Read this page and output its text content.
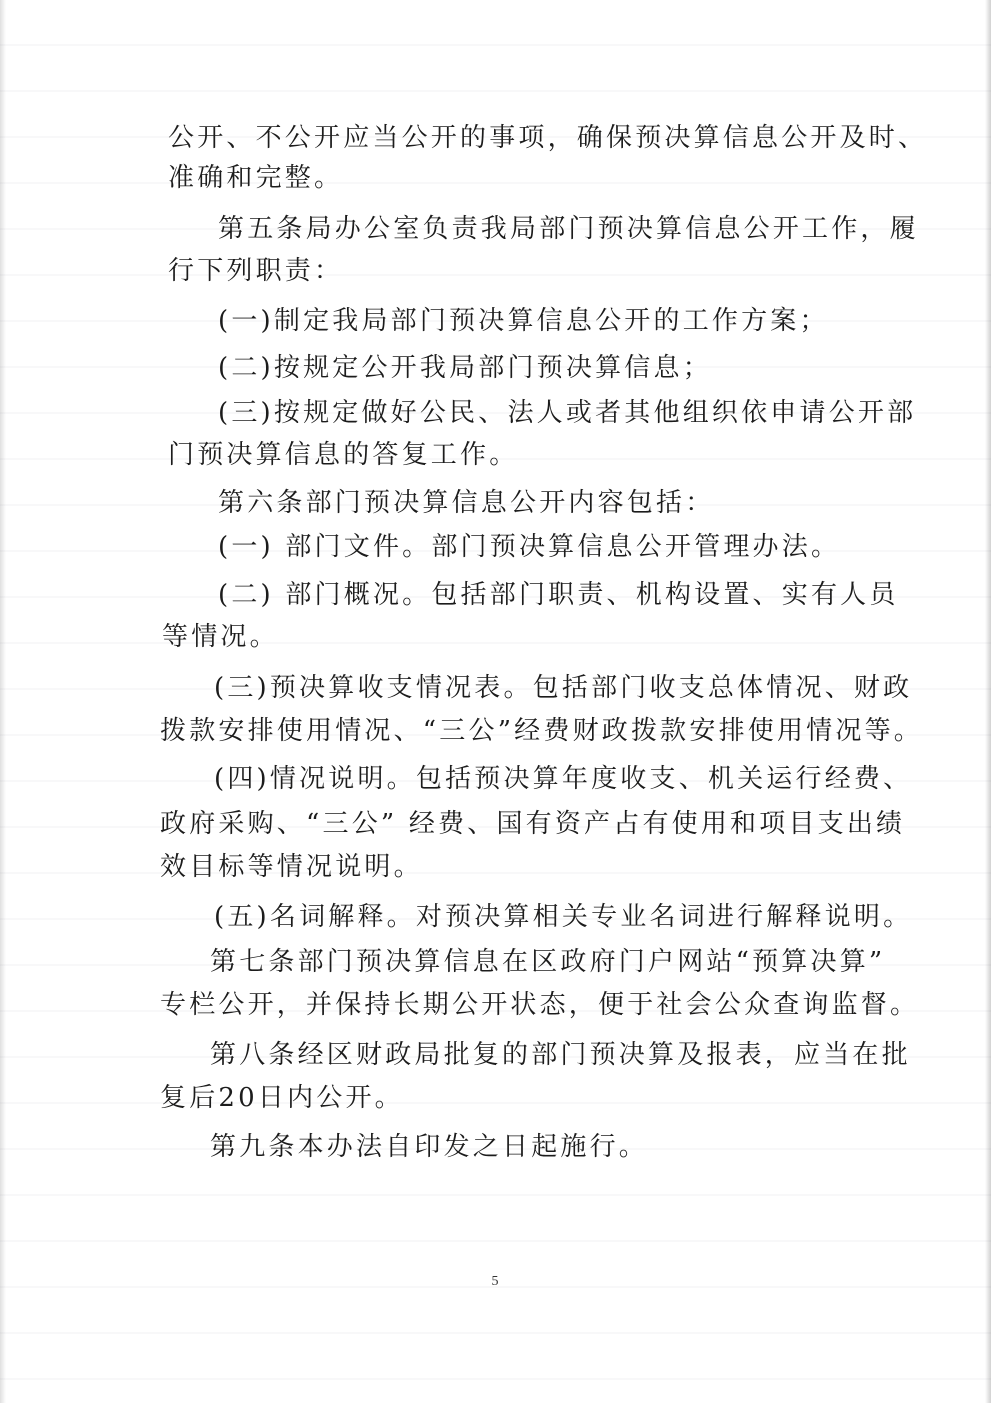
公开、不公开应当公开的事项，确保预决算信息公开及时、
准确和完整。
第五条局办公室负责我局部门预决算信息公开工作，履
行下列职责：
(一)制定我局部门预决算信息公开的工作方案；
(二)按规定公开我局部门预决算信息；
(三)按规定做好公民、法人或者其他组织依申请公开部
门预决算信息的答复工作。
第六条部门预决算信息公开内容包括：
(一) 部门文件。部门预决算信息公开管理办法。
(二) 部门概况。包括部门职责、机构设置、实有人员
等情况。
(三)预决算收支情况表。包括部门收支总体情况、财政
拨款安排使用情况、“三公”经费财政拨款安排使用情况等。
(四)情况说明。包括预决算年度收支、机关运行经费、
政府采购、“三公” 经费、国有资产占有使用和项目支出绩
效目标等情况说明。
(五)名词解释。对预决算相关专业名词进行解释说明。
第七条部门预决算信息在区政府门户网站“预算决算”
专栏公开，并保持长期公开状态，便于社会公众查询监督。
第八条经区财政局批复的部门预决算及报表，应当在批
复后20日内公开。
第九条本办法自印发之日起施行。
5
